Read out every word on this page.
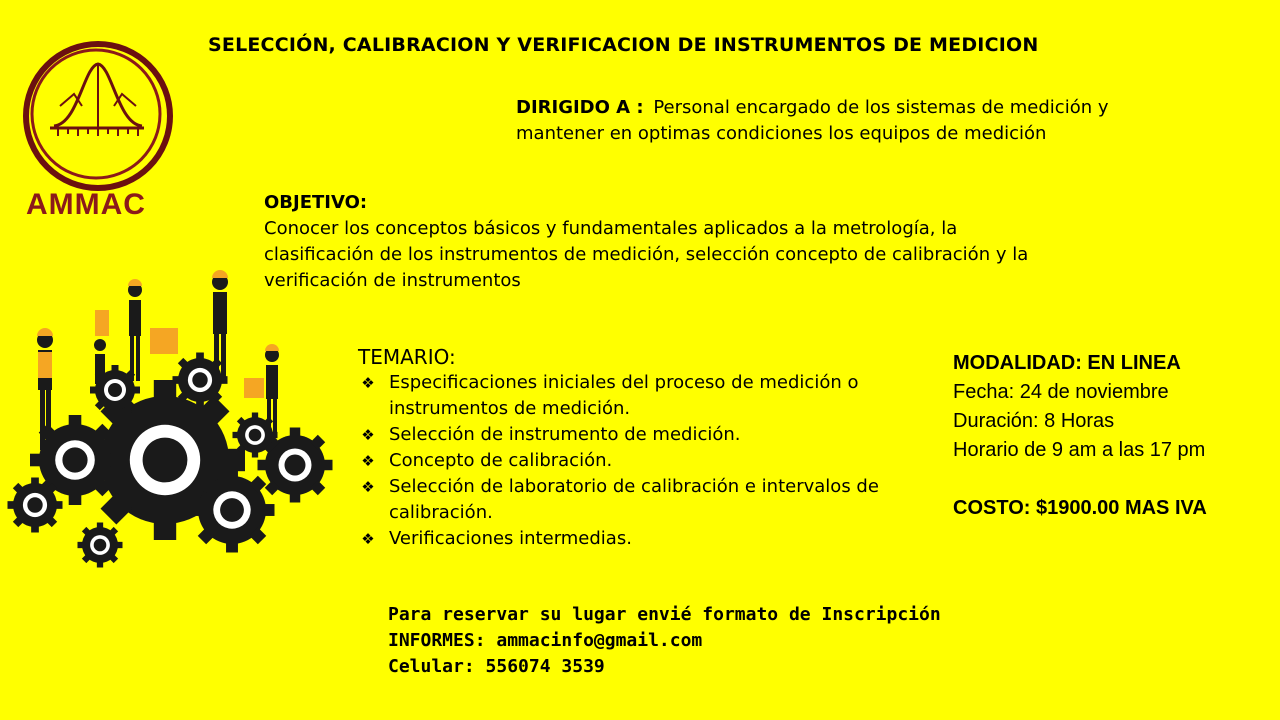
SELECCIÓN, CALIBRACION Y VERIFICACION DE INSTRUMENTOS DE MEDICION
AMMAC
DIRIGIDO A : Personal encargado de los sistemas de medición y mantener en optimas condiciones los equipos de medición
OBJETIVO:
Conocer los conceptos básicos y fundamentales aplicados a la metrología, la clasificación de los instrumentos de medición, selección concepto de calibración y la verificación de instrumentos
TEMARIO:
❖ Especificaciones iniciales del proceso de medición o instrumentos de medición.
❖ Selección de instrumento de medición.
❖ Concepto de calibración.
❖ Selección de laboratorio de calibración e intervalos de calibración.
❖ Verificaciones intermedias.
MODALIDAD: EN LINEA
Fecha: 24 de noviembre
Duración: 8 Horas
Horario de 9 am a las 17 pm
COSTO: $1900.00 MAS IVA
Para reservar su lugar envié formato de Inscripción
INFORMES: ammacinfo@gmail.com
Celular: 556074 3539
